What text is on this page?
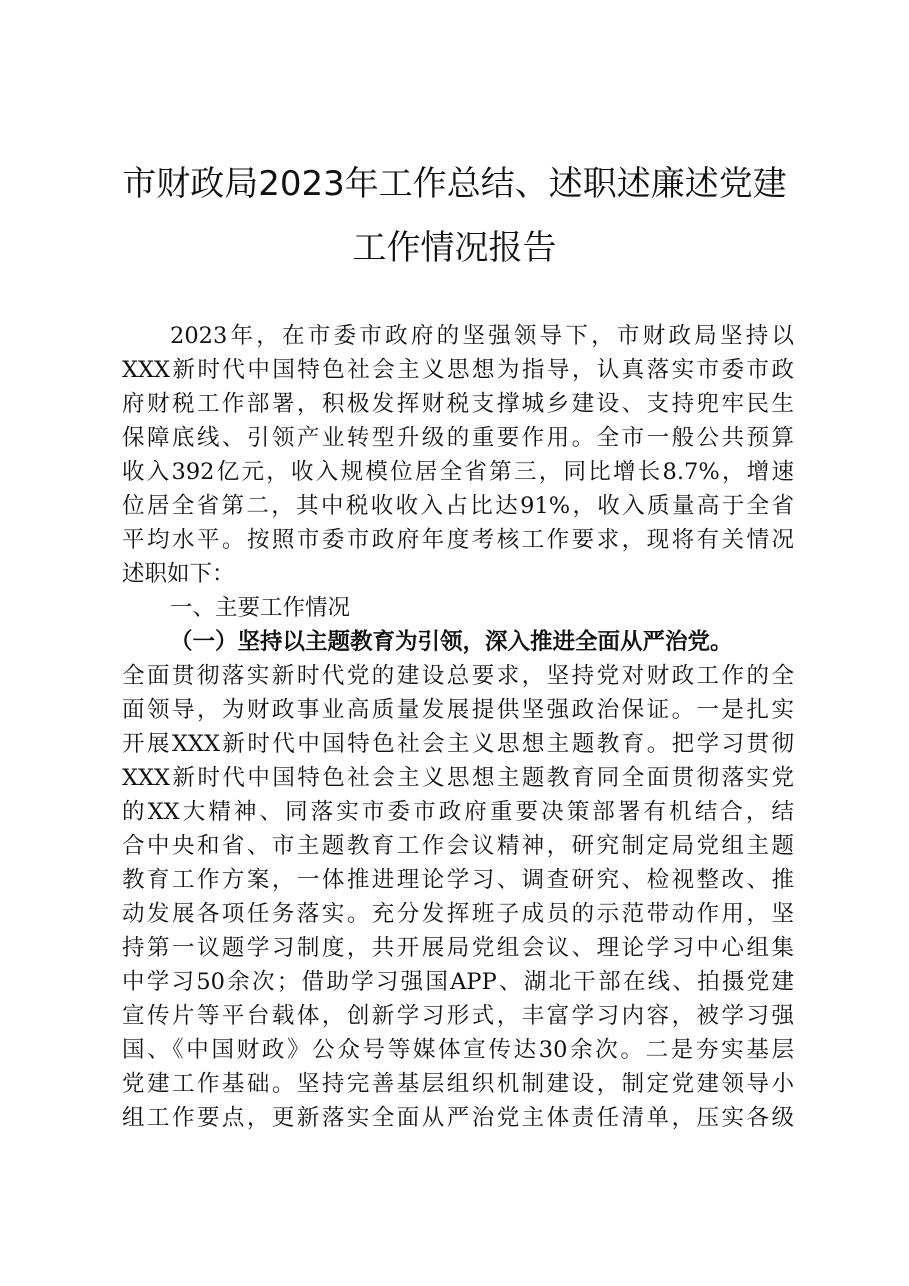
市财政局2023年工作总结、述职述廉述党建
工作情况报告
2023年，在市委市政府的坚强领导下，市财政局坚持以
XXX新时代中国特色社会主义思想为指导，认真落实市委市政
府财税工作部署，积极发挥财税支撑城乡建设、支持兜牢民生
保障底线、引领产业转型升级的重要作用。全市一般公共预算
收入392亿元，收入规模位居全省第三，同比增长8.7%，增速
位居全省第二，其中税收收入占比达91%，收入质量高于全省
平均水平。按照市委市政府年度考核工作要求，现将有关情况
述职如下：
一、主要工作情况
（一）坚持以主题教育为引领，深入推进全面从严治党。
全面贯彻落实新时代党的建设总要求，坚持党对财政工作的全
面领导，为财政事业高质量发展提供坚强政治保证。一是扎实
开展XXX新时代中国特色社会主义思想主题教育。把学习贯彻
XXX新时代中国特色社会主义思想主题教育同全面贯彻落实党
的XX大精神、同落实市委市政府重要决策部署有机结合，结
合中央和省、市主题教育工作会议精神，研究制定局党组主题
教育工作方案，一体推进理论学习、调查研究、检视整改、推
动发展各项任务落实。充分发挥班子成员的示范带动作用，坚
持第一议题学习制度，共开展局党组会议、理论学习中心组集
中学习50余次；借助学习强国APP、湖北干部在线、拍摄党建
宣传片等平台载体，创新学习形式，丰富学习内容，被学习强
国、《中国财政》公众号等媒体宣传达30余次。二是夯实基层
党建工作基础。坚持完善基层组织机制建设，制定党建领导小
组工作要点，更新落实全面从严治党主体责任清单，压实各级
